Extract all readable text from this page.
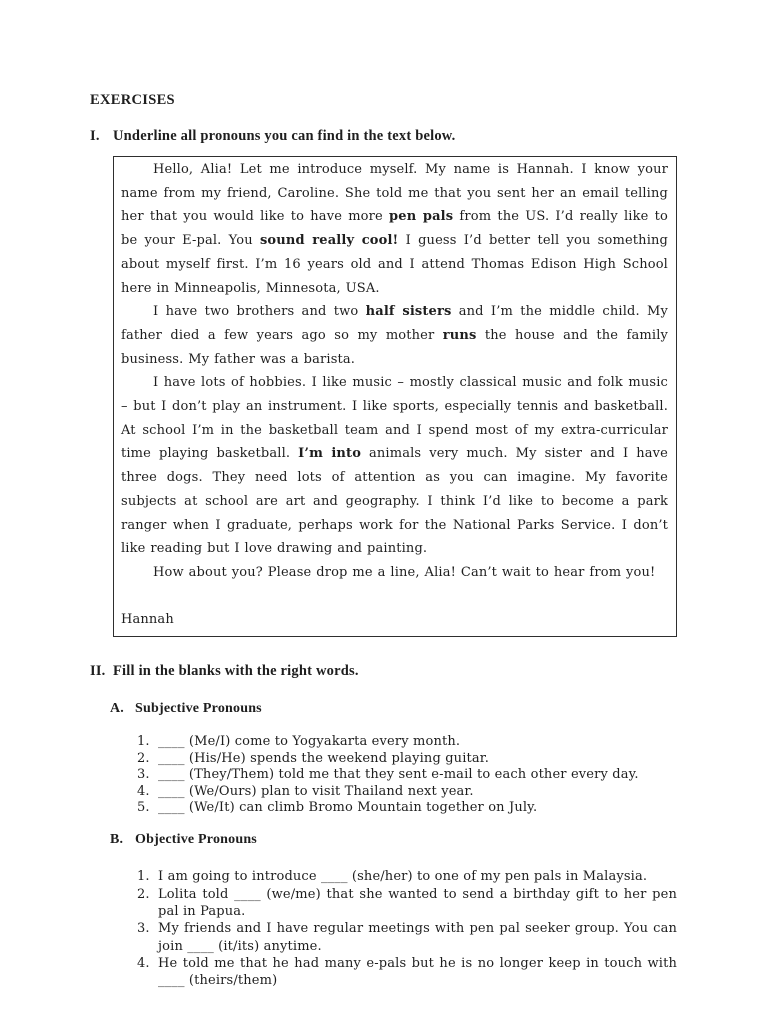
EXERCISES
I. Underline all pronouns you can find in the text below.

Hello, Alia! Let me introduce myself. My name is Hannah. I know your name from my friend, Caroline. She told me that you sent her an email telling her that you would like to have more pen pals from the US. I’d really like to be your E-pal. You sound really cool! I guess I’d better tell you something about myself first. I’m 16 years old and I attend Thomas Edison High School here in Minneapolis, Minnesota, USA.

I have two brothers and two half sisters and I’m the middle child. My father died a few years ago so my mother runs the house and the family business. My father was a barista.

I have lots of hobbies. I like music – mostly classical music and folk music – but I don’t play an instrument. I like sports, especially tennis and basketball. At school I’m in the basketball team and I spend most of my extra-curricular time playing basketball. I’m into animals very much. My sister and I have three dogs. They need lots of attention as you can imagine. My favorite subjects at school are art and geography. I think I’d like to become a park ranger when I graduate, perhaps work for the National Parks Service. I don’t like reading but I love drawing and painting.

How about you? Please drop me a line, Alia! Can’t wait to hear from you!

Hannah

II. Fill in the blanks with the right words.
A. Subjective Pronouns
1. ____ (Me/I) come to Yogyakarta every month.
2. ____ (His/He) spends the weekend playing guitar.
3. ____ (They/Them) told me that they sent e-mail to each other every day.
4. ____ (We/Ours) plan to visit Thailand next year.
5. ____ (We/It) can climb Bromo Mountain together on July.
B. Objective Pronouns
1. I am going to introduce ____ (she/her) to one of my pen pals in Malaysia.
2. Lolita told ____ (we/me) that she wanted to send a birthday gift to her pen pal in Papua.
3. My friends and I have regular meetings with pen pal seeker group. You can join ____ (it/its) anytime.
4. He told me that he had many e-pals but he is no longer keep in touch with ____ (theirs/them)
